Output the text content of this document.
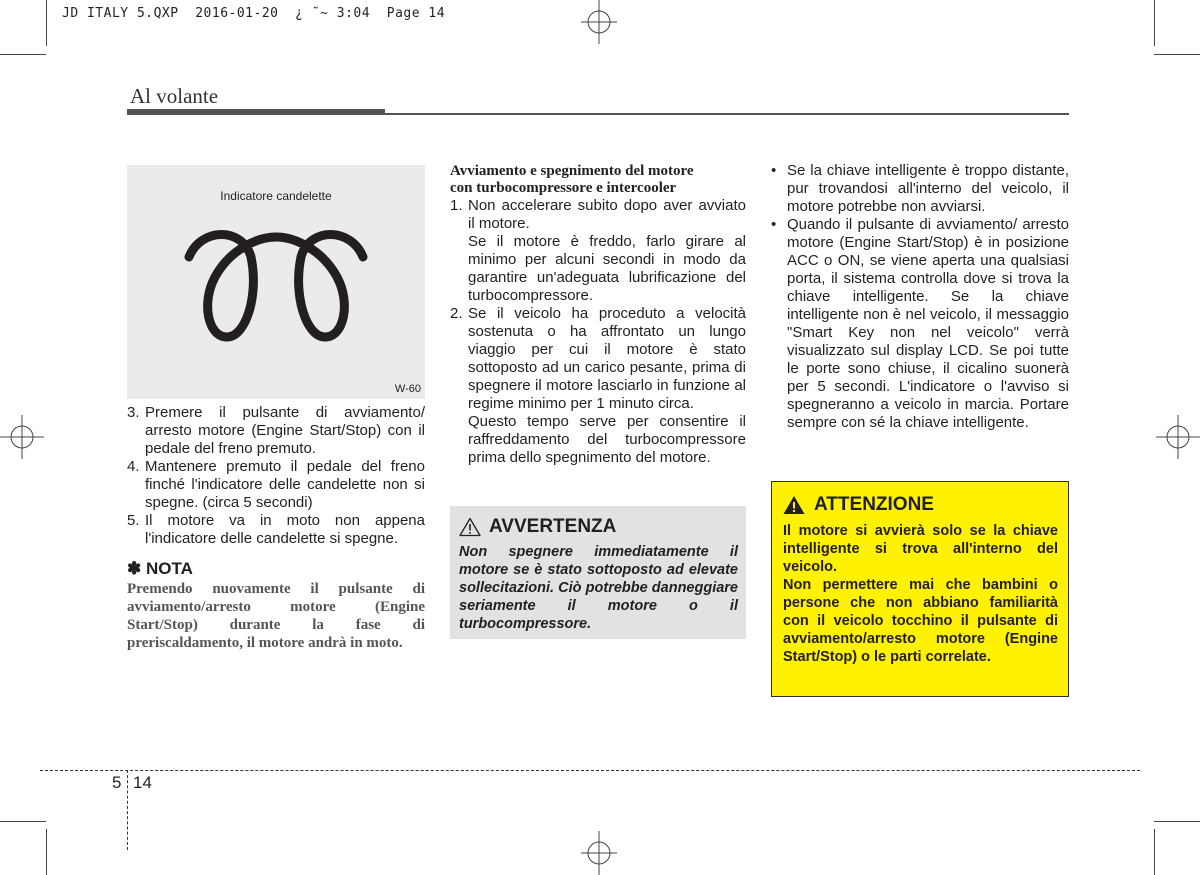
JD ITALY 5.QXP  2016-01-20  ¿ ˜~ 3:04  Page 14
Al volante
Indicatore candelette
W-60
3. Premere il pulsante di avviamento/ arresto motore (Engine Start/Stop) con il pedale del freno premuto.
4. Mantenere premuto il pedale del freno finché l'indicatore delle candelette non si spegne. (circa 5 secondi)
5. Il motore va in moto non appena l'indicatore delle candelette si spegne.
✽ NOTA
Premendo nuovamente il pulsante di avviamento/arresto motore (Engine Start/Stop) durante la fase di preriscaldamento, il motore andrà in moto.
Avviamento e spegnimento del motore
con turbocompressore e intercooler
1. Non accelerare subito dopo aver avviato il motore.
Se il motore è freddo, farlo girare al minimo per alcuni secondi in modo da garantire un'adeguata lubrificazione del turbocompressore.
2. Se il veicolo ha proceduto a velocità sostenuta o ha affrontato un lungo viaggio per cui il motore è stato sottoposto ad un carico pesante, prima di spegnere il motore lasciarlo in funzione al regime minimo per 1 minuto circa.
Questo tempo serve per consentire il raffreddamento del turbocompressore prima dello spegnimento del motore.
AVVERTENZA
Non spegnere immediatamente il motore se è stato sottoposto ad elevate sollecitazioni. Ciò potrebbe danneggiare seriamente il motore o il turbocompressore.
• Se la chiave intelligente è troppo distante, pur trovandosi all'interno del veicolo, il motore potrebbe non avviarsi.
• Quando il pulsante di avviamento/ arresto motore (Engine Start/Stop) è in posizione ACC o ON, se viene aperta una qualsiasi porta, il sistema controlla dove si trova la chiave intelligente. Se la chiave intelligente non è nel veicolo, il messaggio "Smart Key non nel veicolo" verrà visualizzato sul display LCD. Se poi tutte le porte sono chiuse, il cicalino suonerà per 5 secondi. L'indicatore o l'avviso si spegneranno a veicolo in marcia. Portare sempre con sé la chiave intelligente.
ATTENZIONE
Il motore si avvierà solo se la chiave intelligente si trova all'interno del veicolo.
Non permettere mai che bambini o persone che non abbiano familiarità con il veicolo tocchino il pulsante di avviamento/arresto motore (Engine Start/Stop) o le parti correlate.
5 14
